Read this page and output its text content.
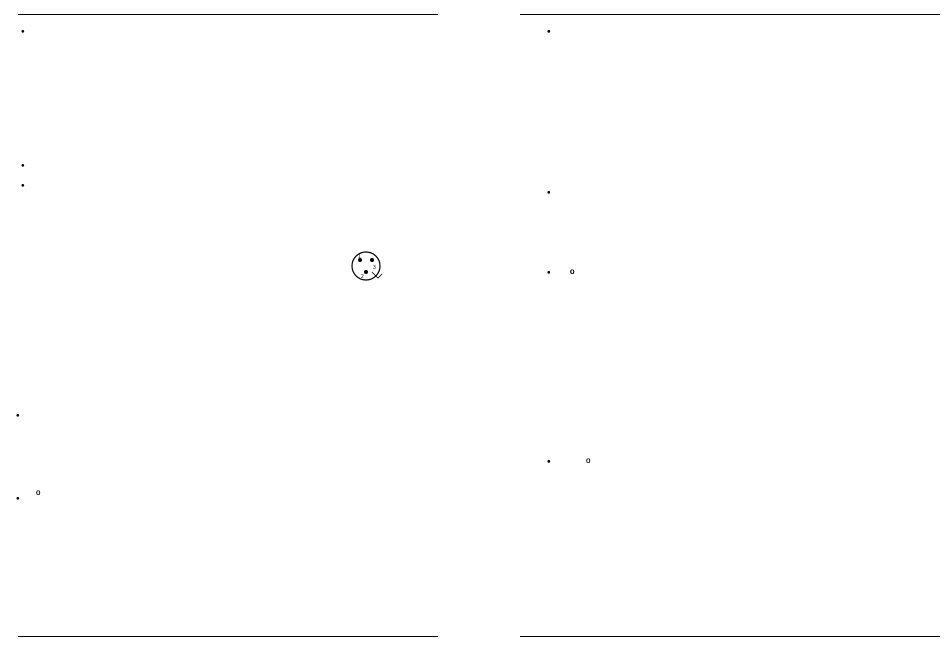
●

1
3
2
